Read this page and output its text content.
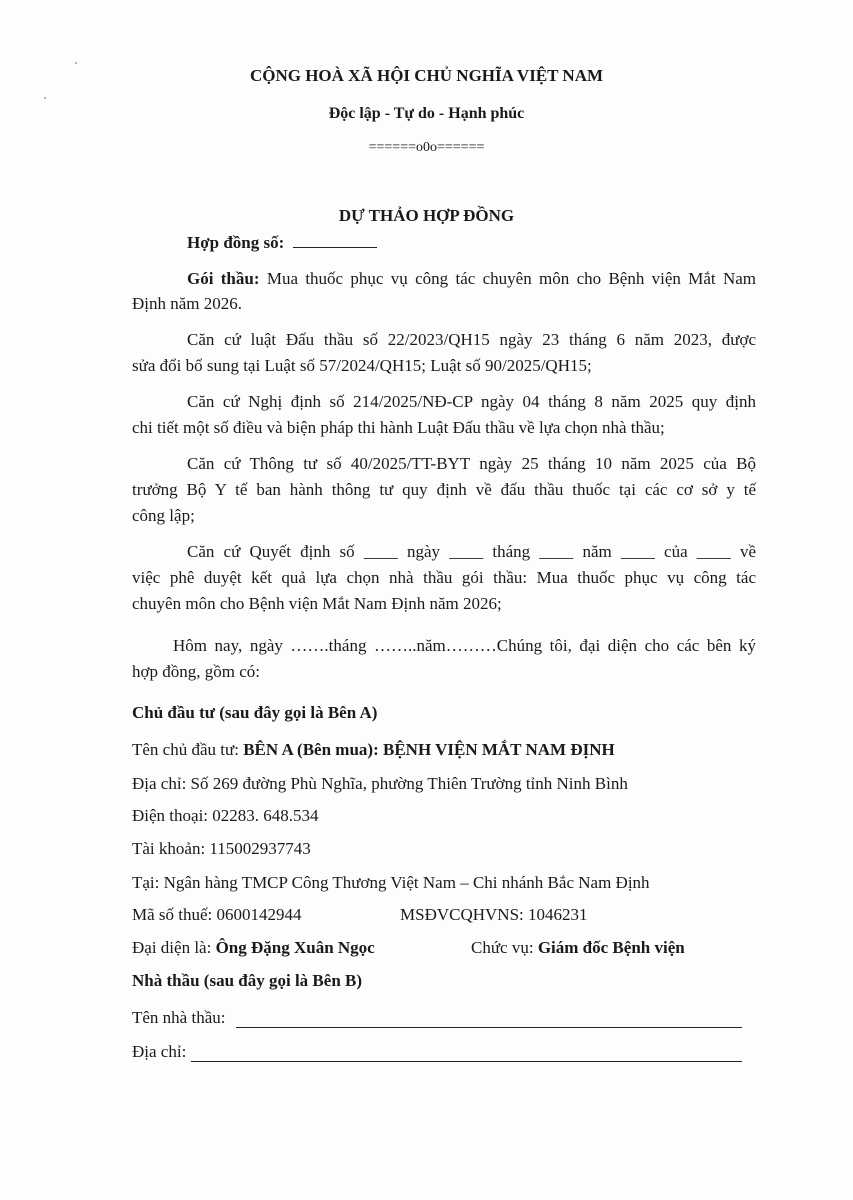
CỘNG HOÀ XÃ HỘI CHỦ NGHĨA VIỆT NAM
Độc lập - Tự do - Hạnh phúc
======o0o======
DỰ THẢO HỢP ĐỒNG
Hợp đồng số:
Gói thầu: Mua thuốc phục vụ công tác chuyên môn cho Bệnh viện Mắt Nam
Định năm 2026.
Căn cứ luật Đấu thầu số 22/2023/QH15 ngày 23 tháng 6 năm 2023, được
sửa đổi bổ sung tại Luật số 57/2024/QH15; Luật số 90/2025/QH15;
Căn cứ Nghị định số 214/2025/NĐ-CP ngày 04 tháng 8 năm 2025 quy định
chi tiết một số điều và biện pháp thi hành Luật Đấu thầu về lựa chọn nhà thầu;
Căn cứ Thông tư số 40/2025/TT-BYT ngày 25 tháng 10 năm 2025 của Bộ
trưởng Bộ Y tế ban hành thông tư quy định về đấu thầu thuốc tại các cơ sở y tế
công lập;
Căn cứ Quyết định số ____ ngày ____ tháng ____ năm ____ của ____ về
việc phê duyệt kết quả lựa chọn nhà thầu gói thầu: Mua thuốc phục vụ công tác
chuyên môn cho Bệnh viện Mắt Nam Định năm 2026;
Hôm nay, ngày …….tháng ……..năm………Chúng tôi, đại diện cho các bên ký
hợp đồng, gồm có:
Chủ đầu tư (sau đây gọi là Bên A)
Tên chủ đầu tư: BÊN A (Bên mua): BỆNH VIỆN MẮT NAM ĐỊNH
Địa chỉ: Số 269 đường Phù Nghĩa, phường Thiên Trường tỉnh Ninh Bình
Điện thoại: 02283. 648.534
Tài khoản: 115002937743
Tại: Ngân hàng TMCP Công Thương Việt Nam – Chi nhánh Bắc Nam Định
Mã số thuế: 0600142944	MSĐVCQHVNS: 1046231
Đại diện là: Ông Đặng Xuân Ngọc	Chức vụ: Giám đốc Bệnh viện
Nhà thầu (sau đây gọi là Bên B)
Tên nhà thầu:
Địa chỉ:
